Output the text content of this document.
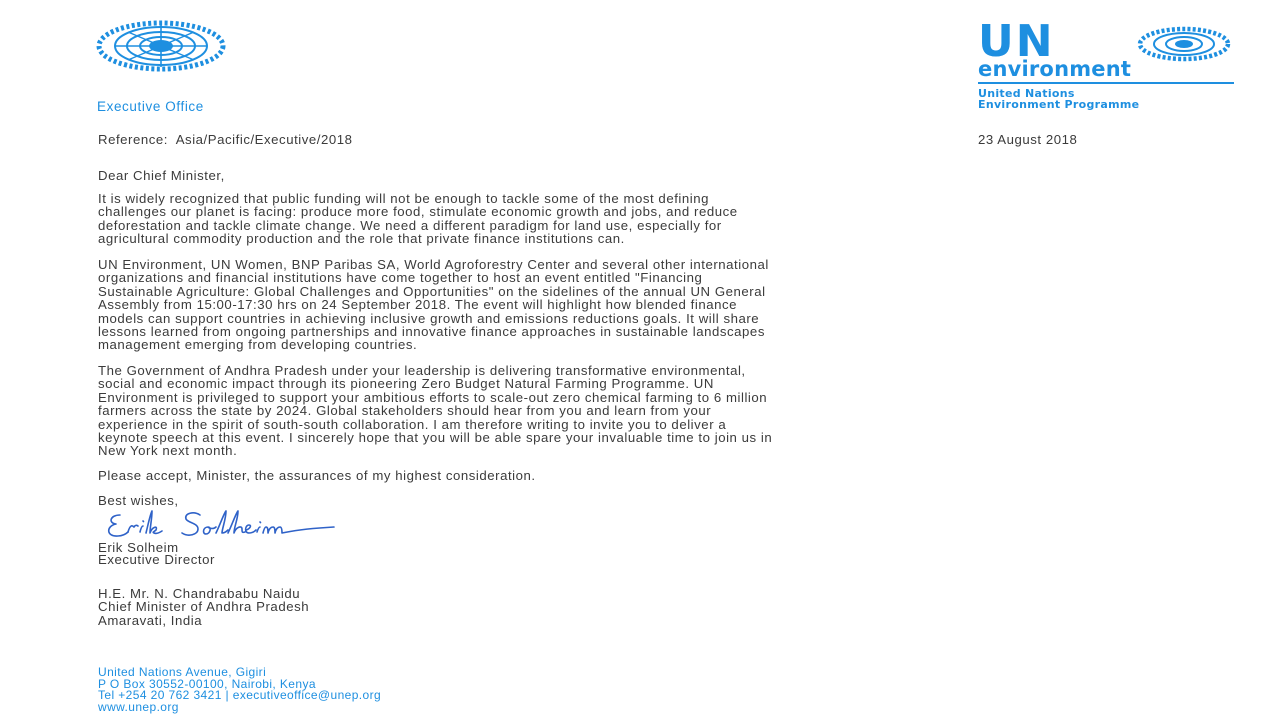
Executive Office
UN
environment
United Nations
Environment Programme
Reference:  Asia/Pacific/Executive/2018	23 August 2018
Dear Chief Minister,
It is widely recognized that public funding will not be enough to tackle some of the most defining
challenges our planet is facing: produce more food, stimulate economic growth and jobs, and reduce
deforestation and tackle climate change. We need a different paradigm for land use, especially for
agricultural commodity production and the role that private finance institutions can.
UN Environment, UN Women, BNP Paribas SA, World Agroforestry Center and several other international
organizations and financial institutions have come together to host an event entitled "Financing
Sustainable Agriculture: Global Challenges and Opportunities" on the sidelines of the annual UN General
Assembly from 15:00-17:30 hrs on 24 September 2018. The event will highlight how blended finance
models can support countries in achieving inclusive growth and emissions reductions goals. It will share
lessons learned from ongoing partnerships and innovative finance approaches in sustainable landscapes
management emerging from developing countries.
The Government of Andhra Pradesh under your leadership is delivering transformative environmental,
social and economic impact through its pioneering Zero Budget Natural Farming Programme. UN
Environment is privileged to support your ambitious efforts to scale-out zero chemical farming to 6 million
farmers across the state by 2024. Global stakeholders should hear from you and learn from your
experience in the spirit of south-south collaboration. I am therefore writing to invite you to deliver a
keynote speech at this event. I sincerely hope that you will be able spare your invaluable time to join us in
New York next month.
Please accept, Minister, the assurances of my highest consideration.
Best wishes,
Erik Solheim
Executive Director
H.E. Mr. N. Chandrababu Naidu
Chief Minister of Andhra Pradesh
Amaravati, India
United Nations Avenue, Gigiri
P O Box 30552-00100, Nairobi, Kenya
Tel +254 20 762 3421 | executiveoffice@unep.org
www.unep.org
